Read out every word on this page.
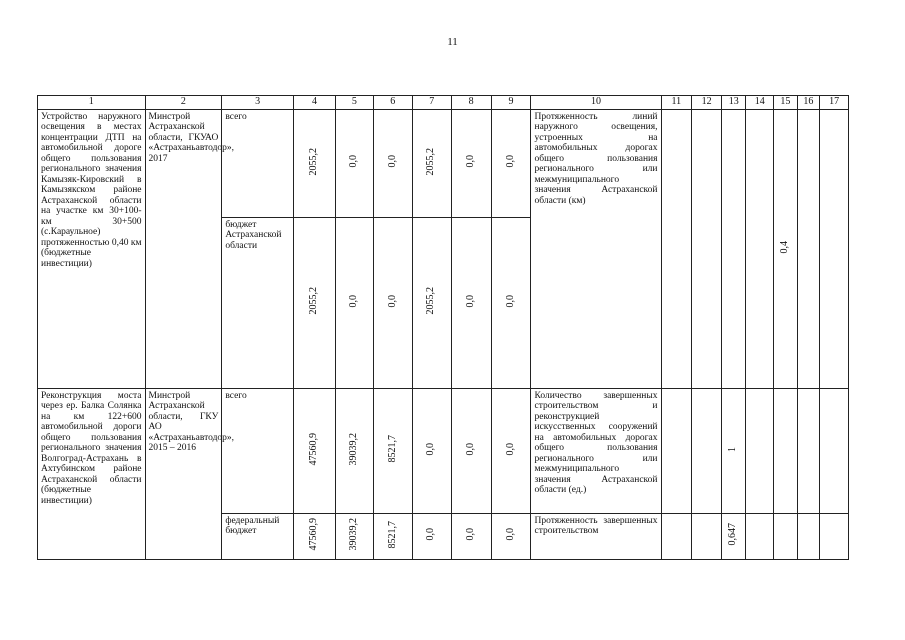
11
1	2	3	4	5	6	7	8	9	10	11	12	13	14	15	16	17
Устройство наружного освещения в местах концентрации ДТП на автомобильной дороге общего пользования регионального значения Камызяк-Кировский в Камызякском районе Астраханской области на участке км 30+100-км 30+500 (с.Караульное) протяженностью 0,40 км (бюджетные инвестиции)	Минстрой Астраханской области, ГКУАО «Астраханьавтодор», 2017	всего	2055,2	0,0	0,0	2055,2	0,0	0,0	Протяженность линий наружного освещения, устроенных на автомобильных дорогах общего пользования регионального или межмуниципального значения Астраханской области (км)					0,4		
		бюджет Астраханской области	2055,2	0,0	0,0	2055,2	0,0	0,0								
Реконструкция моста через ер. Балка Солянка на км 122+600 автомобильной дороги общего пользования регионального значения Волгоград-Астрахань в Ахтубинском районе Астраханской области (бюджетные инвестиции)	Минстрой Астраханской области, ГКУ АО «Астраханьавтодор», 2015 – 2016	всего	47560,9	39039,2	8521,7	0,0	0,0	0,0	Количество завершенных строительством и реконструкцией искусственных сооружений на автомобильных дорогах общего пользования регионального или межмуниципального значения Астраханской области (ед.)			1				
		федеральный бюджет	47560,9	39039,2	8521,7	0,0	0,0	0,0	Протяженность завершенных строительством			0,647				
